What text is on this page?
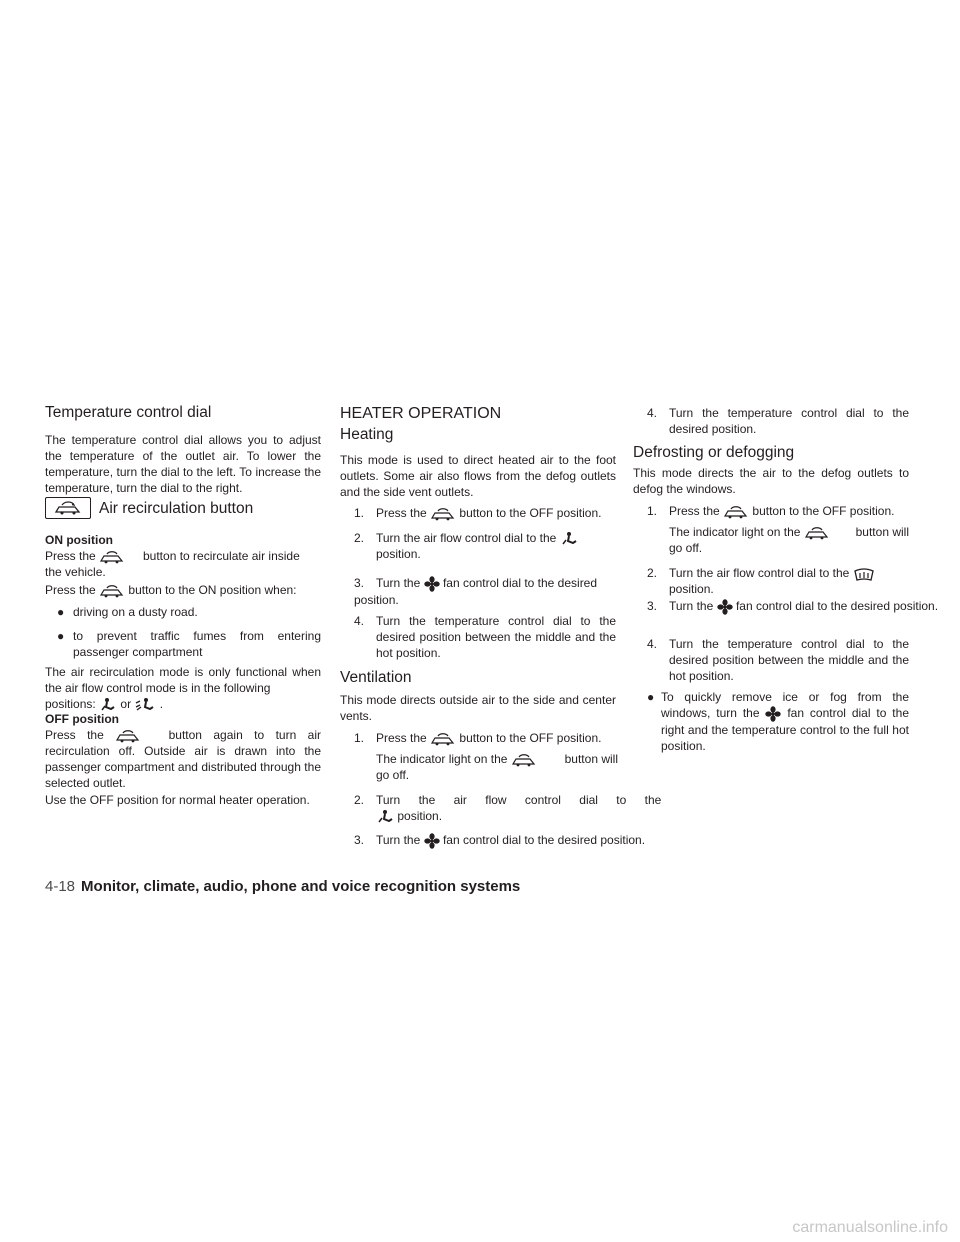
Temperature control dial

The temperature control dial allows you to adjust the temperature of the outlet air. To lower the temperature, turn the dial to the left. To increase the temperature, turn the dial to the right.

Air recirculation button

ON position

Press the	button to recirculate air inside

the vehicle.

Press the	button to the ON position when:

● driving on a dusty road.

● to prevent traffic fumes from entering passenger compartment

The air recirculation mode is only functional when the air flow control mode is in the following

positions: or .

OFF position

Press the	button again to turn air recirculation off. Outside air is drawn into the passenger compartment and distributed through the selected outlet.

Use the OFF position for normal heater operation.

HEATER OPERATION
Heating

This mode is used to direct heated air to the foot outlets. Some air also flows from the defog outlets and the side vent outlets.

1. Press the	button to the OFF position.

2. Turn the air flow control dial to the

position.

3. Turn the fan control dial to the desired position.

4. Turn the temperature control dial to the desired position between the middle and the hot position.

Ventilation

This mode directs outside air to the side and center vents.

1. Press the	button to the OFF position.

The indicator light on the	button will

go off.

2. Turn the air flow control dial to the

position.

3. Turn the fan control dial to the desired position.

4. Turn the temperature control dial to the desired position.

Defrosting or defogging

This mode directs the air to the defog outlets to defog the windows.

1. Press the	button to the OFF position.

The indicator light on the	button will

go off.

2. Turn the air flow control dial to the

position.

3. Turn the fan control dial to the desired position.

4. Turn the temperature control dial to the desired position between the middle and the hot position.

● To quickly remove ice or fog from the windows, turn the fan control dial to the right and the temperature control to the full hot position.

4-18 Monitor, climate, audio, phone and voice recognition systems
carmanualsonline.info
